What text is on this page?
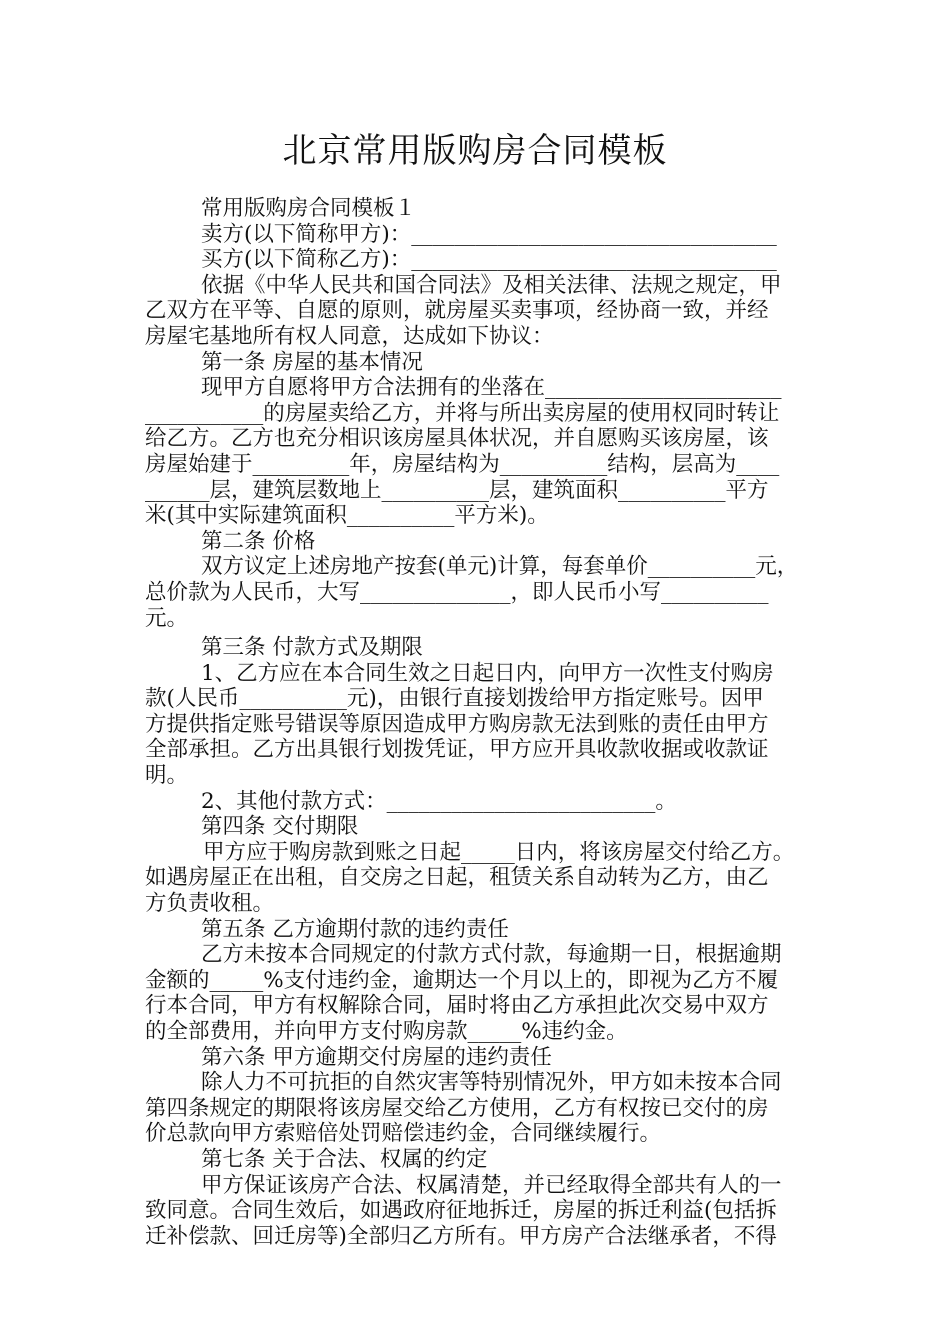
北京常用版购房合同模板
常用版购房合同模板１
卖方(以下简称甲方)：__________________________________
买方(以下简称乙方)：__________________________________
依据《中华人民共和国合同法》及相关法律、法规之规定，甲
乙双方在平等、自愿的原则，就房屋买卖事项，经协商一致，并经
房屋宅基地所有权人同意，达成如下协议：
第一条 房屋的基本情况
现甲方自愿将甲方合法拥有的坐落在______________________
___________的房屋卖给乙方，并将与所出卖房屋的使用权同时转让
给乙方。乙方也充分相识该房屋具体状况，并自愿购买该房屋，该
房屋始建于_________年，房屋结构为__________结构，层高为____
______层，建筑层数地上__________层，建筑面积__________平方
米(其中实际建筑面积__________平方米)。
第二条 价格
双方议定上述房地产按套(单元)计算，每套单价__________元，
总价款为人民币，大写______________，即人民币小写__________
元。
第三条 付款方式及期限
1、乙方应在本合同生效之日起日内，向甲方一次性支付购房
款(人民币__________元)，由银行直接划拨给甲方指定账号。因甲
方提供指定账号错误等原因造成甲方购房款无法到账的责任由甲方
全部承担。乙方出具银行划拨凭证，甲方应开具收款收据或收款证
明。
2、其他付款方式：_________________________。
第四条 交付期限
甲方应于购房款到账之日起_____日内，将该房屋交付给乙方。
如遇房屋正在出租，自交房之日起，租赁关系自动转为乙方，由乙
方负责收租。
第五条 乙方逾期付款的违约责任
乙方未按本合同规定的付款方式付款，每逾期一日，根据逾期
金额的_____%支付违约金，逾期达一个月以上的，即视为乙方不履
行本合同，甲方有权解除合同，届时将由乙方承担此次交易中双方
的全部费用，并向甲方支付购房款_____%违约金。
第六条 甲方逾期交付房屋的违约责任
除人力不可抗拒的自然灾害等特别情况外，甲方如未按本合同
第四条规定的期限将该房屋交给乙方使用，乙方有权按已交付的房
价总款向甲方索赔倍处罚赔偿违约金，合同继续履行。
第七条 关于合法、权属的约定
甲方保证该房产合法、权属清楚，并已经取得全部共有人的一
致同意。合同生效后，如遇政府征地拆迁，房屋的拆迁利益(包括拆
迁补偿款、回迁房等)全部归乙方所有。甲方房产合法继承者，不得
